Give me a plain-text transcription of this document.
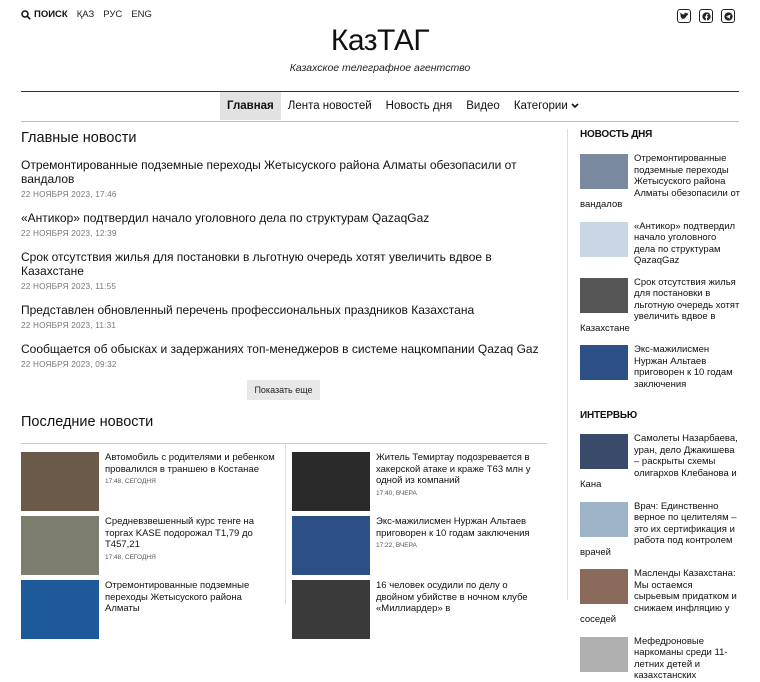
ПОИСК ҚАЗ РУС ENG
КазТАГ
Казахское телеграфное агентство
Главная	Лента новостей	Новость дня	Видео	Категории
Главные новости
Отремонтированные подземные переходы Жетысуского района Алматы обезопасили от вандалов
22 НОЯБРЯ 2023, 17:46
«Антикор» подтвердил начало уголовного дела по структурам QazaqGaz
22 НОЯБРЯ 2023, 12:39
Срок отсутствия жилья для постановки в льготную очередь хотят увеличить вдвое в Казахстане
22 НОЯБРЯ 2023, 11:55
Представлен обновленный перечень профессиональных праздников Казахстана
22 НОЯБРЯ 2023, 11:31
Сообщается об обысках и задержаниях топ-менеджеров в системе нацкомпании Qazaq Gaz
22 НОЯБРЯ 2023, 09:32
Показать еще
Последние новости
Автомобиль с родителями и ребенком провалился в траншею в Костанае
17:48, СЕГОДНЯ
Житель Темиртау подозревается в хакерской атаке и краже Т63 млн у одной из компаний
17:40, ВЧЕРА
Средневзвешенный курс тенге на торгах KASE подорожал Т1,79 до Т457,21
17:48, СЕГОДНЯ
Экс-мажилисмен Нуржан Альтаев приговорен к 10 годам заключения
17:22, ВЧЕРА
Отремонтированные подземные переходы Жетысуского района Алматы
16 человек осудили по делу о двойном убийстве в ночном клубе «Миллиардер» в
НОВОСТЬ ДНЯ
Отремонтированные подземные переходы Жетысуского района Алматы обезопасили от вандалов
«Антикор» подтвердил начало уголовного дела по структурам QazaqGaz
Срок отсутствия жилья для постановки в льготную очередь хотят увеличить вдвое в Казахстане
Экс-мажилисмен Нуржан Альтаев приговорен к 10 годам заключения
ИНТЕРВЬЮ
Самолеты Назарбаева, уран, дело Джакишева – раскрыты схемы олигархов Клебанова и Кана
Врач: Единственно верное по целителям – это их сертификация и работа под контролем врачей
Масленды Казахстана: Мы остаемся сырьевым придатком и снижаем инфляцию у соседей
Мефедроновые наркоманы среди 11-летних детей и казахстанских
